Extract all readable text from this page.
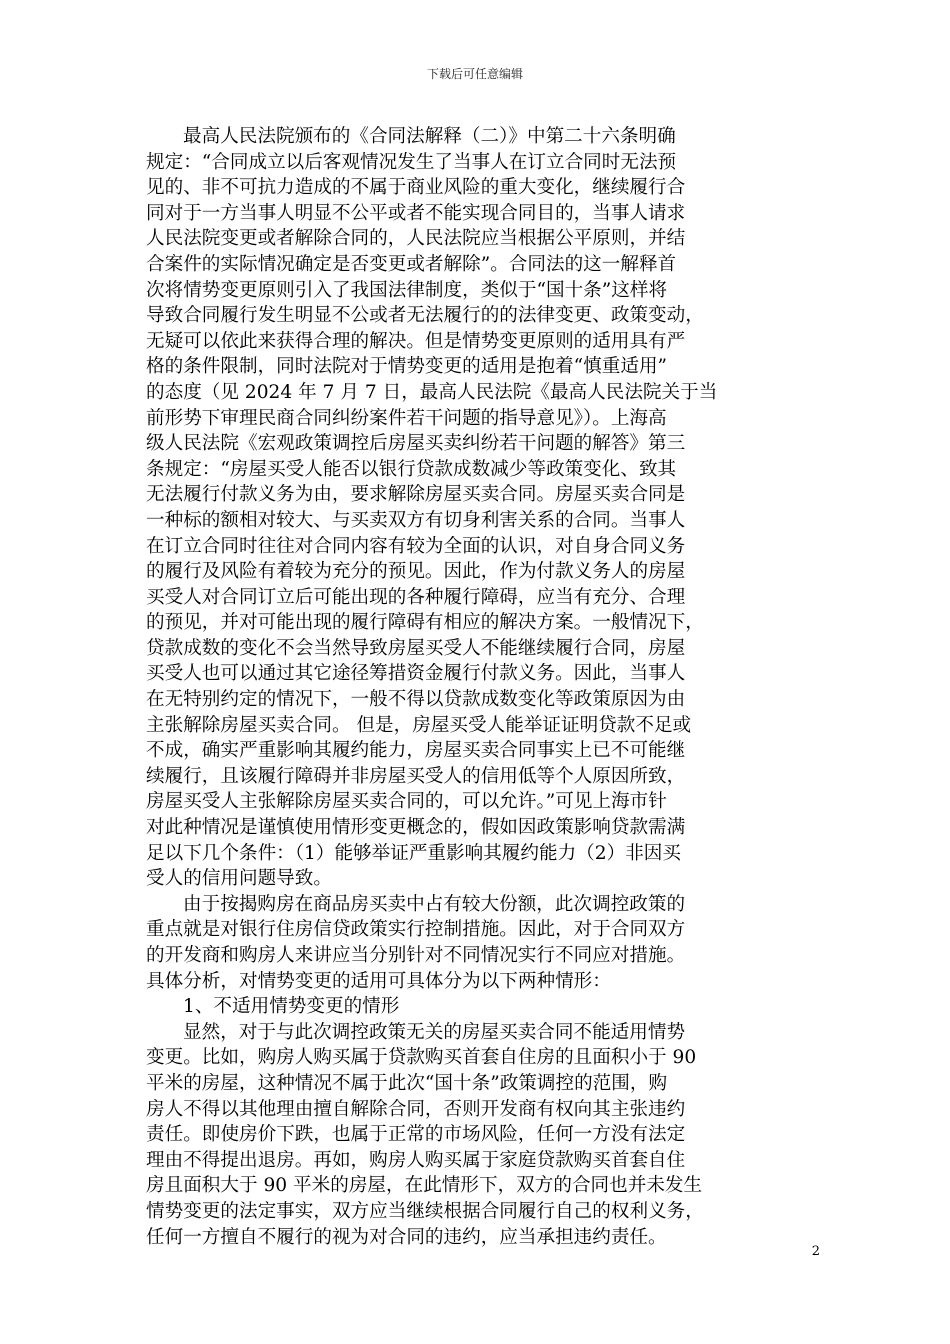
下载后可任意编辑
最高人民法院颁布的《合同法解释（二）》中第二十六条明确
规定：“合同成立以后客观情况发生了当事人在订立合同时无法预
见的、非不可抗力造成的不属于商业风险的重大变化，继续履行合
同对于一方当事人明显不公平或者不能实现合同目的，当事人请求
人民法院变更或者解除合同的，人民法院应当根据公平原则，并结
合案件的实际情况确定是否变更或者解除”。合同法的这一解释首
次将情势变更原则引入了我国法律制度，类似于“国十条”这样将
导致合同履行发生明显不公或者无法履行的的法律变更、政策变动，
无疑可以依此来获得合理的解决。但是情势变更原则的适用具有严
格的条件限制，同时法院对于情势变更的适用是抱着“慎重适用”
的态度（见 2024 年 7 月 7 日，最高人民法院《最高人民法院关于当
前形势下审理民商合同纠纷案件若干问题的指导意见》）。上海高
级人民法院《宏观政策调控后房屋买卖纠纷若干问题的解答》第三
条规定：“房屋买受人能否以银行贷款成数减少等政策变化、致其
无法履行付款义务为由，要求解除房屋买卖合同。房屋买卖合同是
一种标的额相对较大、与买卖双方有切身利害关系的合同。当事人
在订立合同时往往对合同内容有较为全面的认识，对自身合同义务
的履行及风险有着较为充分的预见。因此，作为付款义务人的房屋
买受人对合同订立后可能出现的各种履行障碍，应当有充分、合理
的预见，并对可能出现的履行障碍有相应的解决方案。一般情况下，
贷款成数的变化不会当然导致房屋买受人不能继续履行合同，房屋
买受人也可以通过其它途径筹措资金履行付款义务。因此，当事人
在无特别约定的情况下，一般不得以贷款成数变化等政策原因为由
主张解除房屋买卖合同。 但是，房屋买受人能举证证明贷款不足或
不成，确实严重影响其履约能力，房屋买卖合同事实上已不可能继
续履行，且该履行障碍并非房屋买受人的信用低等个人原因所致，
房屋买受人主张解除房屋买卖合同的，可以允许。”可见上海市针
对此种情况是谨慎使用情形变更概念的，假如因政策影响贷款需满
足以下几个条件：（1）能够举证严重影响其履约能力（2）非因买
受人的信用问题导致。
由于按揭购房在商品房买卖中占有较大份额，此次调控政策的
重点就是对银行住房信贷政策实行控制措施。因此，对于合同双方
的开发商和购房人来讲应当分别针对不同情况实行不同应对措施。
具体分析，对情势变更的适用可具体分为以下两种情形：
1、不适用情势变更的情形
显然，对于与此次调控政策无关的房屋买卖合同不能适用情势
变更。比如，购房人购买属于贷款购买首套自住房的且面积小于 90
平米的房屋，这种情况不属于此次“国十条”政策调控的范围，购
房人不得以其他理由擅自解除合同，否则开发商有权向其主张违约
责任。即使房价下跌，也属于正常的市场风险，任何一方没有法定
理由不得提出退房。再如，购房人购买属于家庭贷款购买首套自住
房且面积大于 90 平米的房屋，在此情形下，双方的合同也并未发生
情势变更的法定事实，双方应当继续根据合同履行自己的权利义务，
任何一方擅自不履行的视为对合同的违约，应当承担违约责任。
2
